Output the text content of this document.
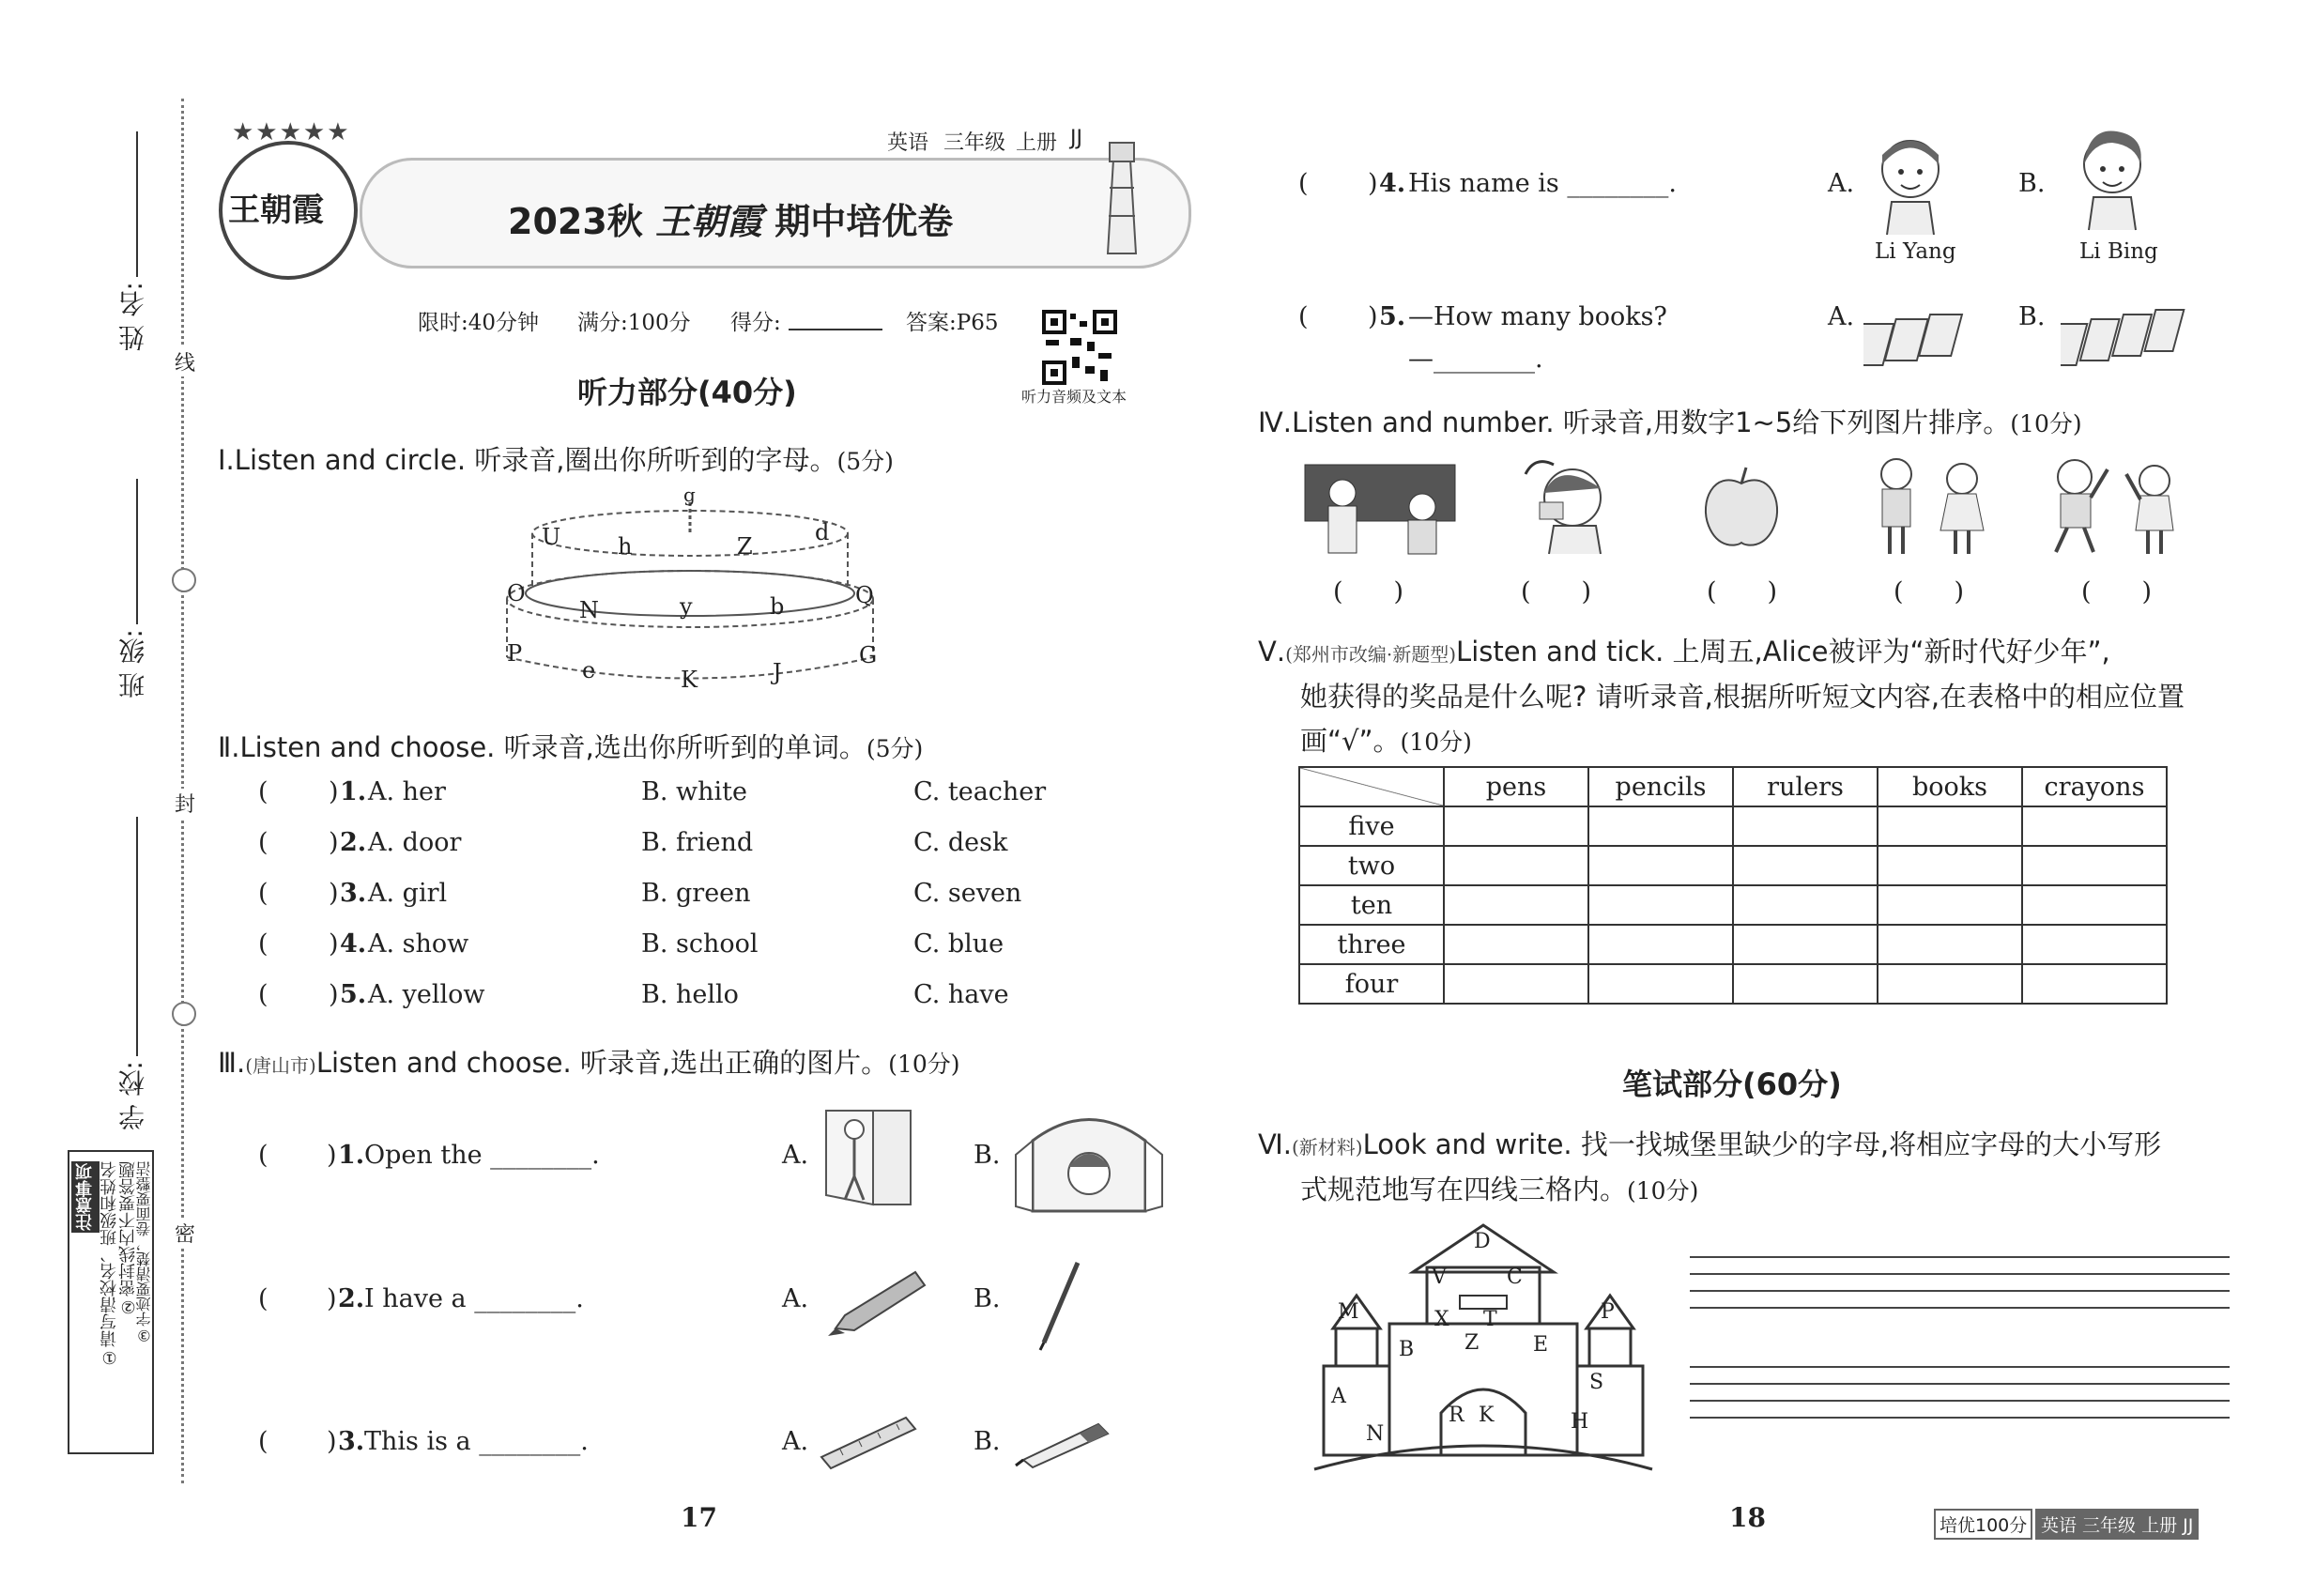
线
封
密
姓 名:
班 级:
学 校:
注意事项 ①请写清校名、班级和姓名 ②密封线内不要答题
③字迹要清楚，卷面要整洁
王朝霞
★★★★★	英语 三年级 上册 JJ
2023秋 王朝霞 期中培优卷
限时:40分钟 满分:100分 得分:	答案:P65
听力音频及文本
听力部分(40分)
Ⅰ.Listen and circle. 听录音,圈出你所听到的字母。(5分)
g
U	h	Z
d
O
N	y	b	Q
P
e	K	J
G
Ⅱ.Listen and choose. 听录音,选出你所听到的单词。(5分)
( ) 1. A. her	B. white	C. teacher
( ) 2. A. door	B. friend	C. desk
( ) 3. A. girl	B. green	C. seven
( ) 4. A. show	B. school	C. blue
( ) 5. A. yellow	B. hello	C. have
Ⅲ.(唐山市)Listen and choose. 听录音,选出正确的图片。(10分)
( ) 1. Open the ________.	A.	B.
( ) 2. I have a ________.	A.	B.
( ) 3. This is a ________.	A.	B.
17
( ) 4. His name is ________.	A.
Li Yang
B.
Li Bing
( ) 5. —How many books?
—________.
A.	B.
Ⅳ.Listen and number. 听录音,用数字1~5给下列图片排序。(10分)
(　　)	(　　)	(　　)	(　　)	(　　)
Ⅴ.(郑州市改编·新题型)Listen and tick. 上周五,Alice被评为“新时代好少年”,
她获得的奖品是什么呢? 请听录音,根据所听短文内容,在表格中的相应位置
画“√”。(10分)
	pens	pencils	rulers	books	crayons
five					
two					
ten					
three					
four					
笔试部分(60分)
Ⅵ.(新材料)Look and write. 找一找城堡里缺少的字母,将相应字母的大小写形
式规范地写在四线三格内。(10分)
D
V	C
M	P
X T
B Z	E
A
S
R K
N
H
18	培优100分 英语 三年级 上册 JJ
